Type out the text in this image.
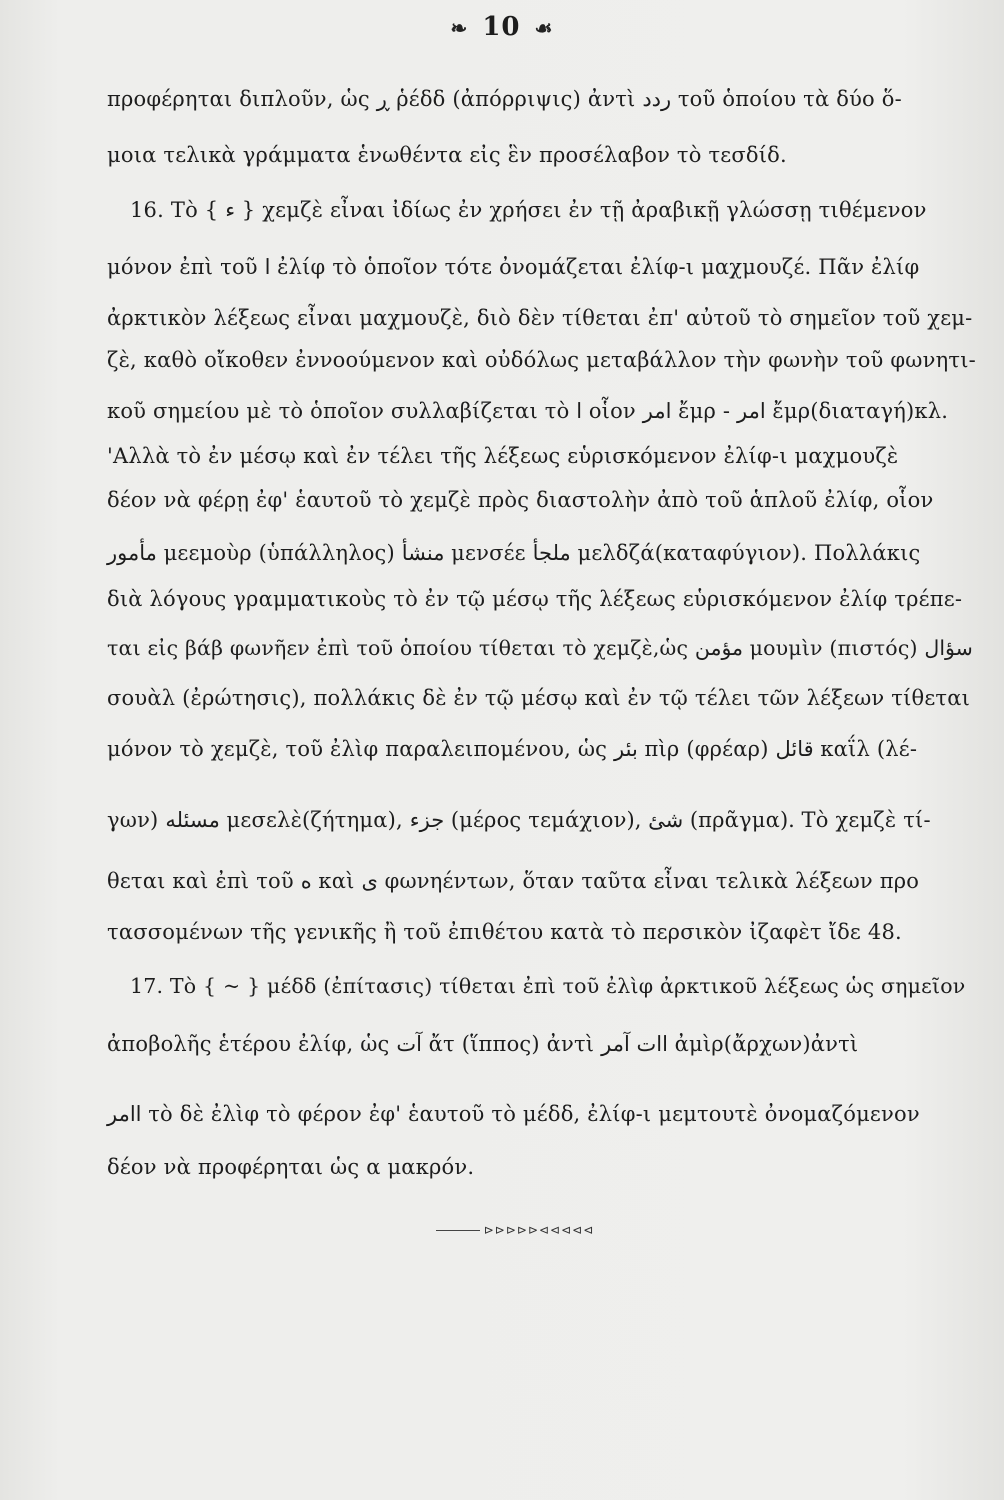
❧ 10 ☙
προφέρηται διπλοῦν, ὡς ڕ ῥέδδ (ἀπόρριψις) ἀντὶ ردد τοῦ ὁποίου τὰ δύο ὅ-
μοια τελικὰ γράμματα ἑνωθέντα εἰς ἓν προσέλαβον τὸ τεσδίδ.
16. Τὸ { ء } χεμζὲ εἶναι ἰδίως ἐν χρήσει ἐν τῇ ἀραβικῇ γλώσσῃ τιθέμενον
μόνον ἐπὶ τοῦ ا ἐλίφ τὸ ὁποῖον τότε ὀνομάζεται ἐλίφ-ι μαχμουζέ. Πᾶν ἐλίφ
ἀρκτικὸν λέξεως εἶναι μαχμουζὲ, διὸ δὲν τίθεται ἐπ' αὐτοῦ τὸ σημεῖον τοῦ χεμ-
ζὲ, καθὸ οἴκοθεν ἐννοούμενον καὶ οὐδόλως μεταβάλλον τὴν φωνὴν τοῦ φωνητι-
κοῦ σημείου μὲ τὸ ὁποῖον συλλαβίζεται τὸ ا οἷον امر ἔμρ - امر ἔμρ(διαταγή)κλ.
'Αλλὰ τὸ ἐν μέσῳ καὶ ἐν τέλει τῆς λέξεως εὑρισκόμενον ἐλίφ-ι μαχμουζὲ
δέον νὰ φέρῃ ἐφ' ἑαυτοῦ τὸ χεμζὲ πρὸς διαστολὴν ἀπὸ τοῦ ἁπλοῦ ἐλίφ, οἷον
مأمور μεεμοὺρ (ὑπάλληλος) منشأ μενσέε ملجأ μελδζά(καταφύγιον). Πολλάκις
διὰ λόγους γραμματικοὺς τὸ ἐν τῷ μέσῳ τῆς λέξεως εὑρισκόμενον ἐλίφ τρέπε-
ται εἰς βάβ φωνῆεν ἐπὶ τοῦ ὁποίου τίθεται τὸ χεμζὲ,ὡς مؤمن μουμὶν (πιστός) سؤال
σουὰλ (ἐρώτησις), πολλάκις δὲ ἐν τῷ μέσῳ καὶ ἐν τῷ τέλει τῶν λέξεων τίθεται
μόνον τὸ χεμζὲ, τοῦ ἐλὶφ παραλειπομένου, ὡς بئر πὶρ (φρέαρ) قائل καΐλ (λέ-
γων) مسئله μεσελὲ(ζήτημα), جزء (μέρος τεμάχιον), شئ (πρᾶγμα). Τὸ χεμζὲ τί-
θεται καὶ ἐπὶ τοῦ ه καὶ ى φωνηέντων, ὅταν ταῦτα εἶναι τελικὰ λέξεων προ
τασσομένων τῆς γενικῆς ἢ τοῦ ἐπιθέτου κατὰ τὸ περσικὸν ἰζαφὲτ ἴδε 48.
17. Τὸ { ~ } μέδδ (ἐπίτασις) τίθεται ἐπὶ τοῦ ἐλὶφ ἀρκτικοῦ λέξεως ὡς σημεῖον
ἀποβολῆς ἑτέρου ἐλίφ, ὡς آت ἄτ (ἵππος) ἀντὶ اات آمر ἀμὶρ(ἄρχων)ἀντὶ
اامر τὸ δὲ ἐλὶφ τὸ φέρον ἐφ' ἑαυτοῦ τὸ μέδδ, ἐλίφ-ι μεμτουτὲ ὀνομαζόμενον
δέον νὰ προφέρηται ὡς α μακρόν.
⊳⊳⊳⊳⊳⊲⊲⊲⊲⊲
